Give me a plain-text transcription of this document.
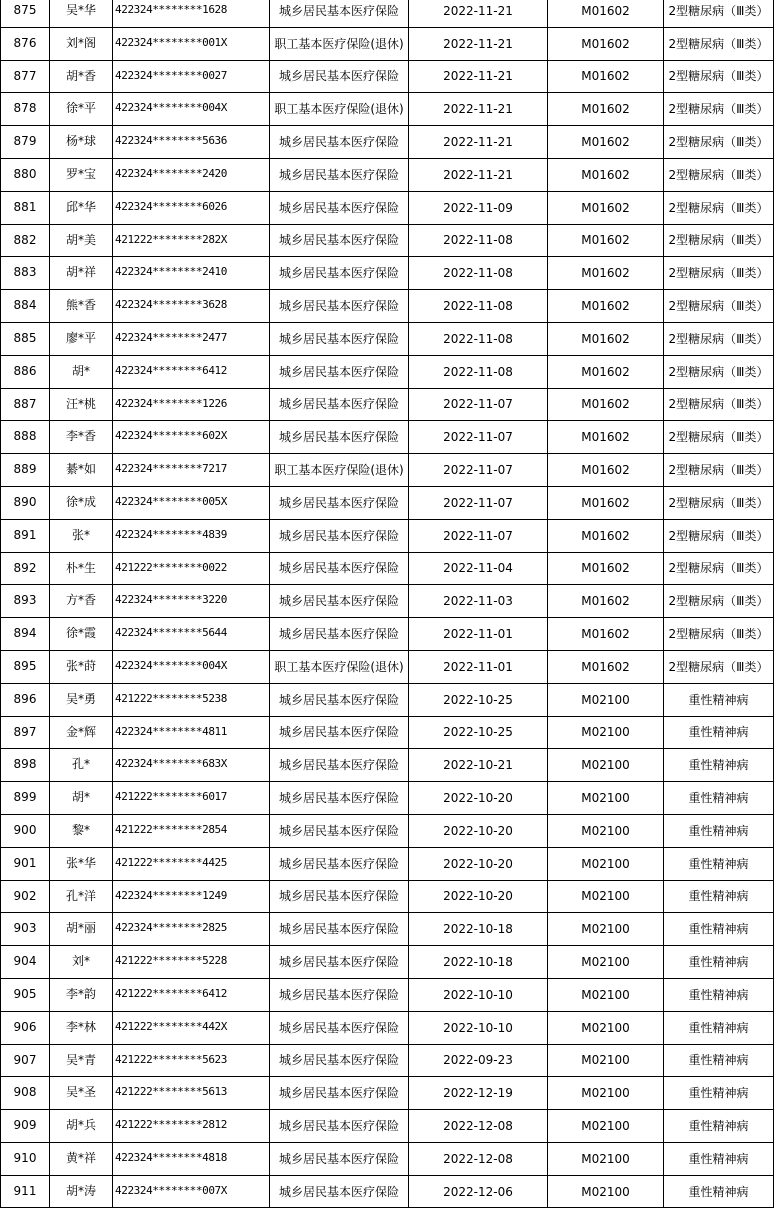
875	吴*华	422324********1628	城乡居民基本医疗保险	2022-11-21	M01602	2型糖尿病（Ⅲ类）
876	刘*阁	422324********001X	职工基本医疗保险(退休)	2022-11-21	M01602	2型糖尿病（Ⅲ类）
877	胡*香	422324********0027	城乡居民基本医疗保险	2022-11-21	M01602	2型糖尿病（Ⅲ类）
878	徐*平	422324********004X	职工基本医疗保险(退休)	2022-11-21	M01602	2型糖尿病（Ⅲ类）
879	杨*球	422324********5636	城乡居民基本医疗保险	2022-11-21	M01602	2型糖尿病（Ⅲ类）
880	罗*宝	422324********2420	城乡居民基本医疗保险	2022-11-21	M01602	2型糖尿病（Ⅲ类）
881	邱*华	422324********6026	城乡居民基本医疗保险	2022-11-09	M01602	2型糖尿病（Ⅲ类）
882	胡*美	421222********282X	城乡居民基本医疗保险	2022-11-08	M01602	2型糖尿病（Ⅲ类）
883	胡*祥	422324********2410	城乡居民基本医疗保险	2022-11-08	M01602	2型糖尿病（Ⅲ类）
884	熊*香	422324********3628	城乡居民基本医疗保险	2022-11-08	M01602	2型糖尿病（Ⅲ类）
885	廖*平	422324********2477	城乡居民基本医疗保险	2022-11-08	M01602	2型糖尿病（Ⅲ类）
886	胡*	422324********6412	城乡居民基本医疗保险	2022-11-08	M01602	2型糖尿病（Ⅲ类）
887	汪*桃	422324********1226	城乡居民基本医疗保险	2022-11-07	M01602	2型糖尿病（Ⅲ类）
888	李*香	422324********602X	城乡居民基本医疗保险	2022-11-07	M01602	2型糖尿病（Ⅲ类）
889	綦*如	422324********7217	职工基本医疗保险(退休)	2022-11-07	M01602	2型糖尿病（Ⅲ类）
890	徐*成	422324********005X	城乡居民基本医疗保险	2022-11-07	M01602	2型糖尿病（Ⅲ类）
891	张*	422324********4839	城乡居民基本医疗保险	2022-11-07	M01602	2型糖尿病（Ⅲ类）
892	朴*生	421222********0022	城乡居民基本医疗保险	2022-11-04	M01602	2型糖尿病（Ⅲ类）
893	方*香	422324********3220	城乡居民基本医疗保险	2022-11-03	M01602	2型糖尿病（Ⅲ类）
894	徐*霞	422324********5644	城乡居民基本医疗保险	2022-11-01	M01602	2型糖尿病（Ⅲ类）
895	张*莳	422324********004X	职工基本医疗保险(退休)	2022-11-01	M01602	2型糖尿病（Ⅲ类）
896	吴*勇	421222********5238	城乡居民基本医疗保险	2022-10-25	M02100	重性精神病
897	金*辉	422324********4811	城乡居民基本医疗保险	2022-10-25	M02100	重性精神病
898	孔*	422324********683X	城乡居民基本医疗保险	2022-10-21	M02100	重性精神病
899	胡*	421222********6017	城乡居民基本医疗保险	2022-10-20	M02100	重性精神病
900	黎*	421222********2854	城乡居民基本医疗保险	2022-10-20	M02100	重性精神病
901	张*华	421222********4425	城乡居民基本医疗保险	2022-10-20	M02100	重性精神病
902	孔*洋	422324********1249	城乡居民基本医疗保险	2022-10-20	M02100	重性精神病
903	胡*丽	422324********2825	城乡居民基本医疗保险	2022-10-18	M02100	重性精神病
904	刘*	421222********5228	城乡居民基本医疗保险	2022-10-18	M02100	重性精神病
905	李*韵	421222********6412	城乡居民基本医疗保险	2022-10-10	M02100	重性精神病
906	李*林	421222********442X	城乡居民基本医疗保险	2022-10-10	M02100	重性精神病
907	吴*青	421222********5623	城乡居民基本医疗保险	2022-09-23	M02100	重性精神病
908	吴*圣	421222********5613	城乡居民基本医疗保险	2022-12-19	M02100	重性精神病
909	胡*兵	421222********2812	城乡居民基本医疗保险	2022-12-08	M02100	重性精神病
910	黄*祥	422324********4818	城乡居民基本医疗保险	2022-12-08	M02100	重性精神病
911	胡*涛	422324********007X	城乡居民基本医疗保险	2022-12-06	M02100	重性精神病
